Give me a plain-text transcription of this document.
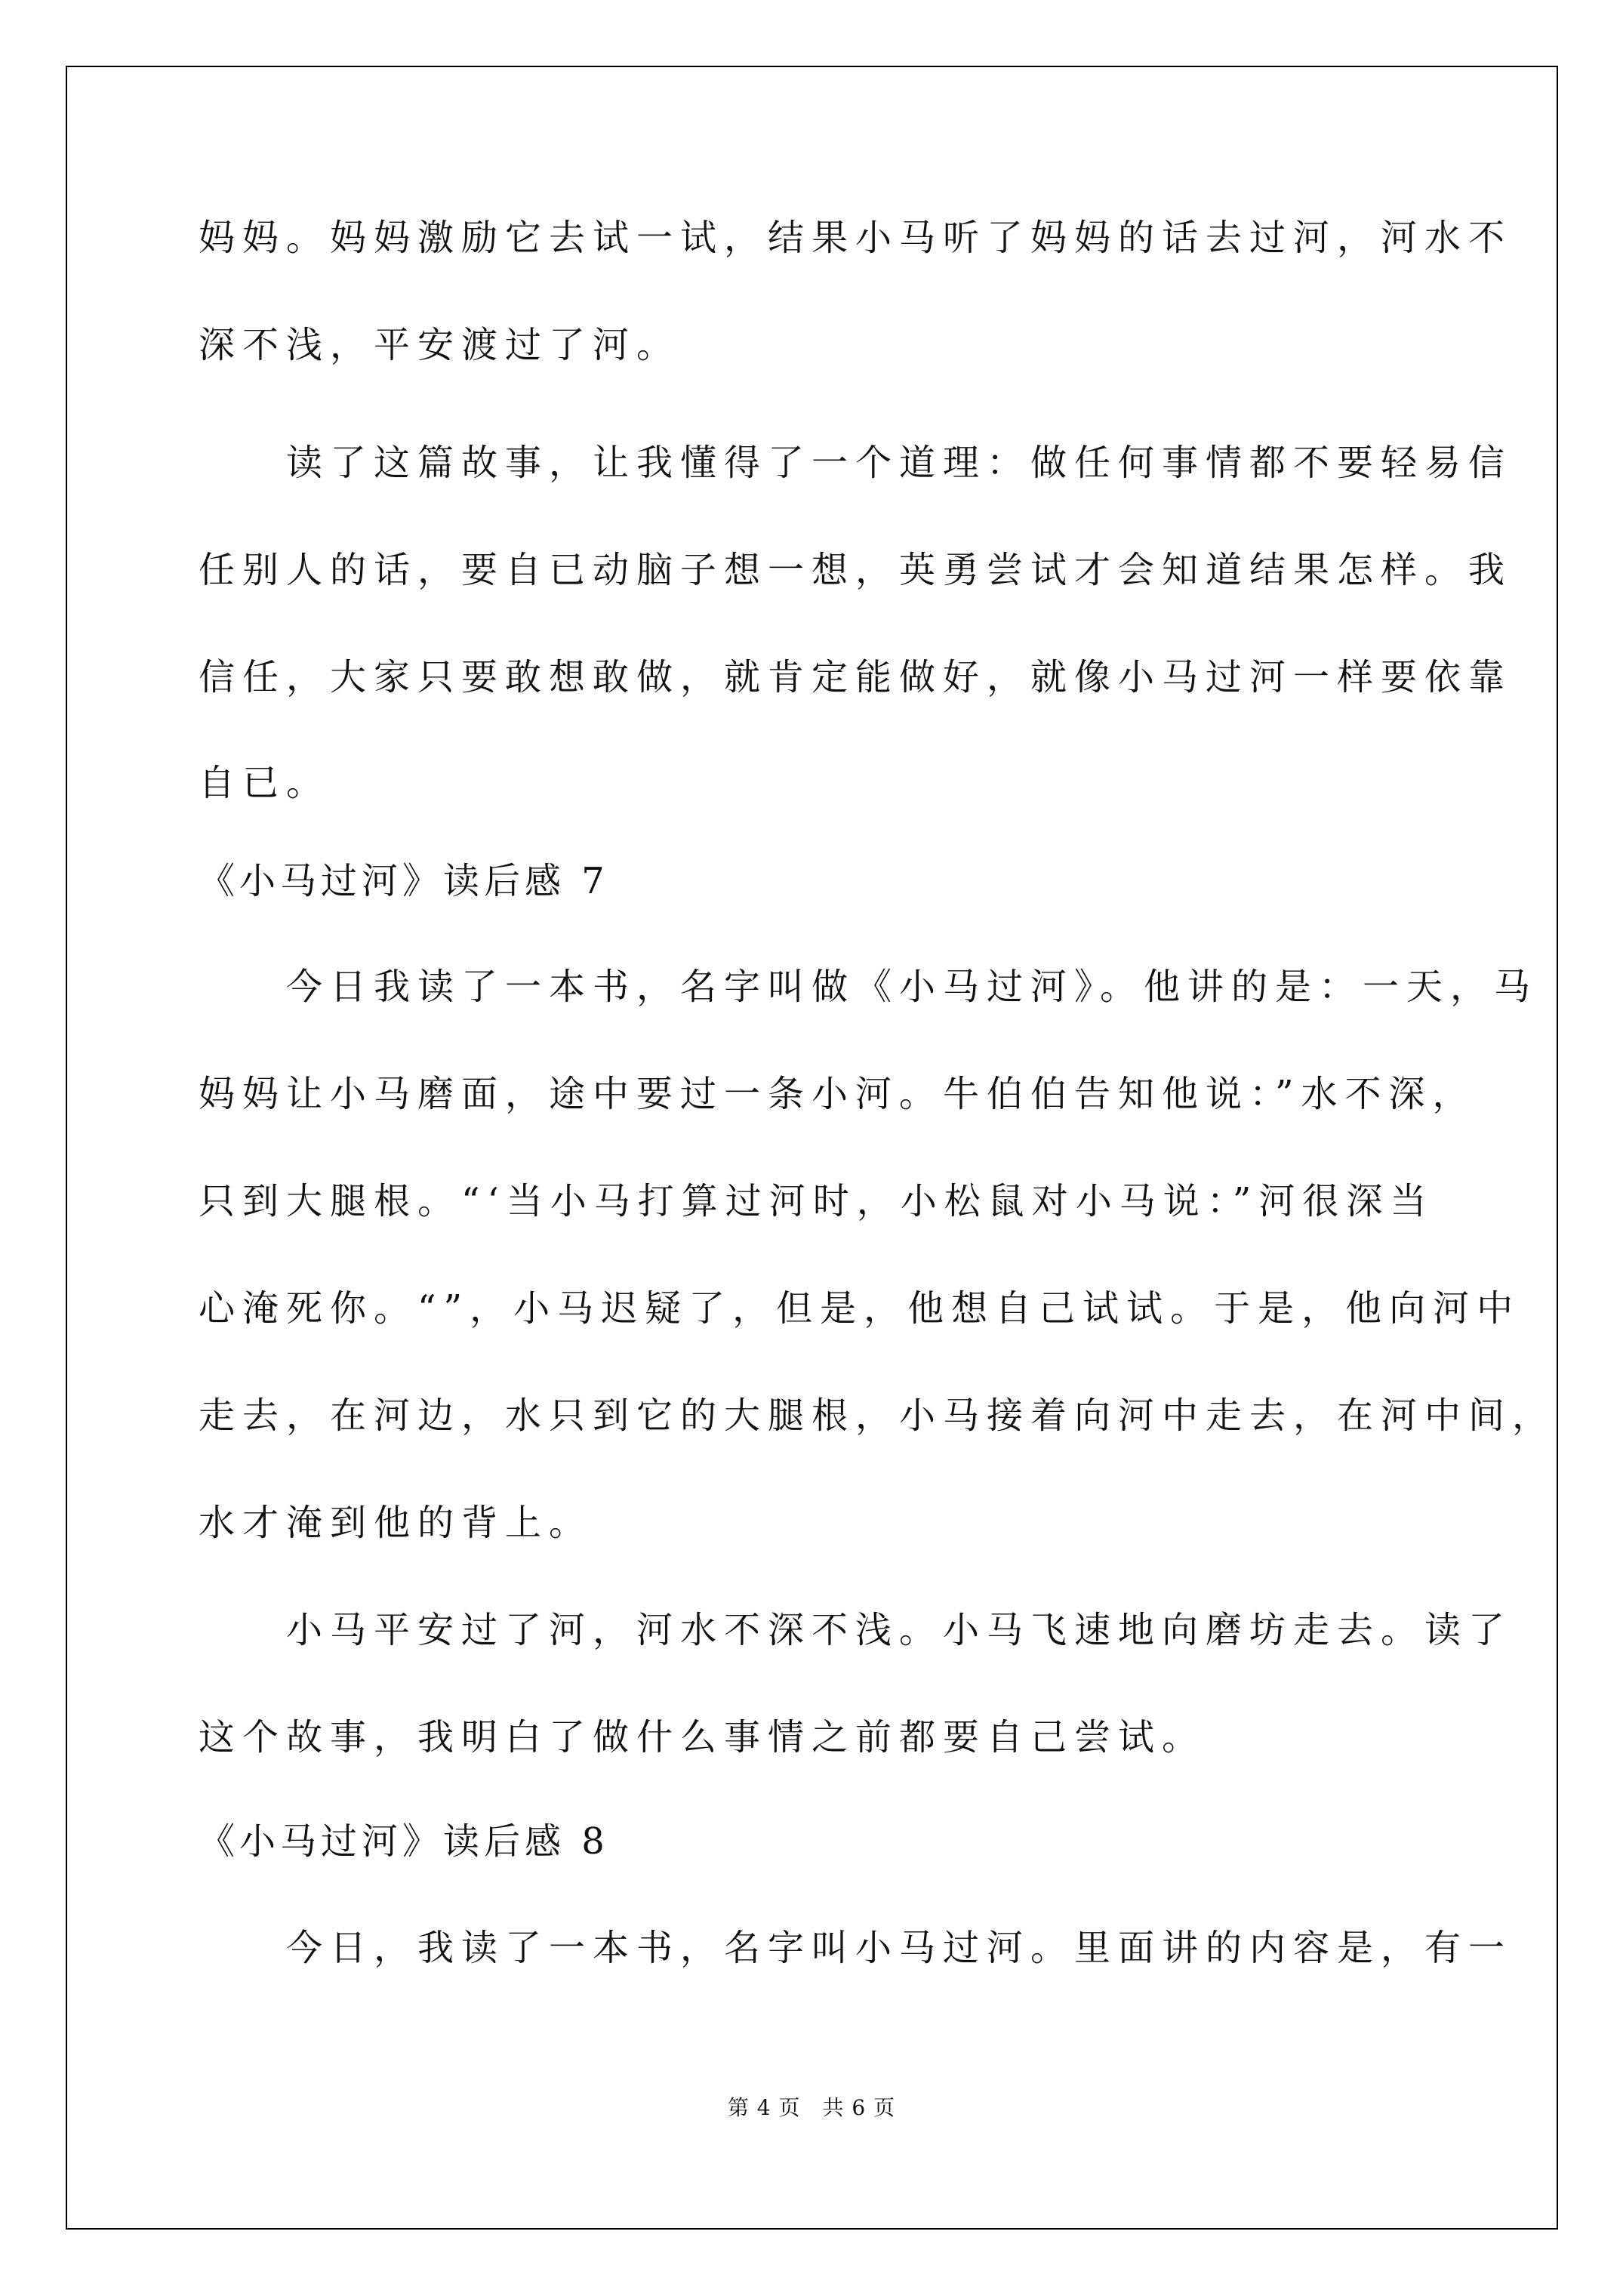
妈妈。妈妈激励它去试一试，结果小马听了妈妈的话去过河，河水不
深不浅，平安渡过了河。
　　读了这篇故事，让我懂得了一个道理：做任何事情都不要轻易信
任别人的话，要自已动脑子想一想，英勇尝试才会知道结果怎样。我
信任，大家只要敢想敢做，就肯定能做好，就像小马过河一样要依靠
自已。
《小马过河》读后感 7
　　今日我读了一本书，名字叫做《小马过河》。他讲的是：一天，马
妈妈让小马磨面，途中要过一条小河。牛伯伯告知他说：”水不深，
只到大腿根。“‘当小马打算过河时，小松鼠对小马说：”河很深当
心淹死你。“”，小马迟疑了，但是，他想自己试试。于是，他向河中
走去，在河边，水只到它的大腿根，小马接着向河中走去，在河中间，
水才淹到他的背上。
　　小马平安过了河，河水不深不浅。小马飞速地向磨坊走去。读了
这个故事，我明白了做什么事情之前都要自己尝试。
《小马过河》读后感 8
　　今日，我读了一本书，名字叫小马过河。里面讲的内容是，有一
第 4 页　共 6 页
